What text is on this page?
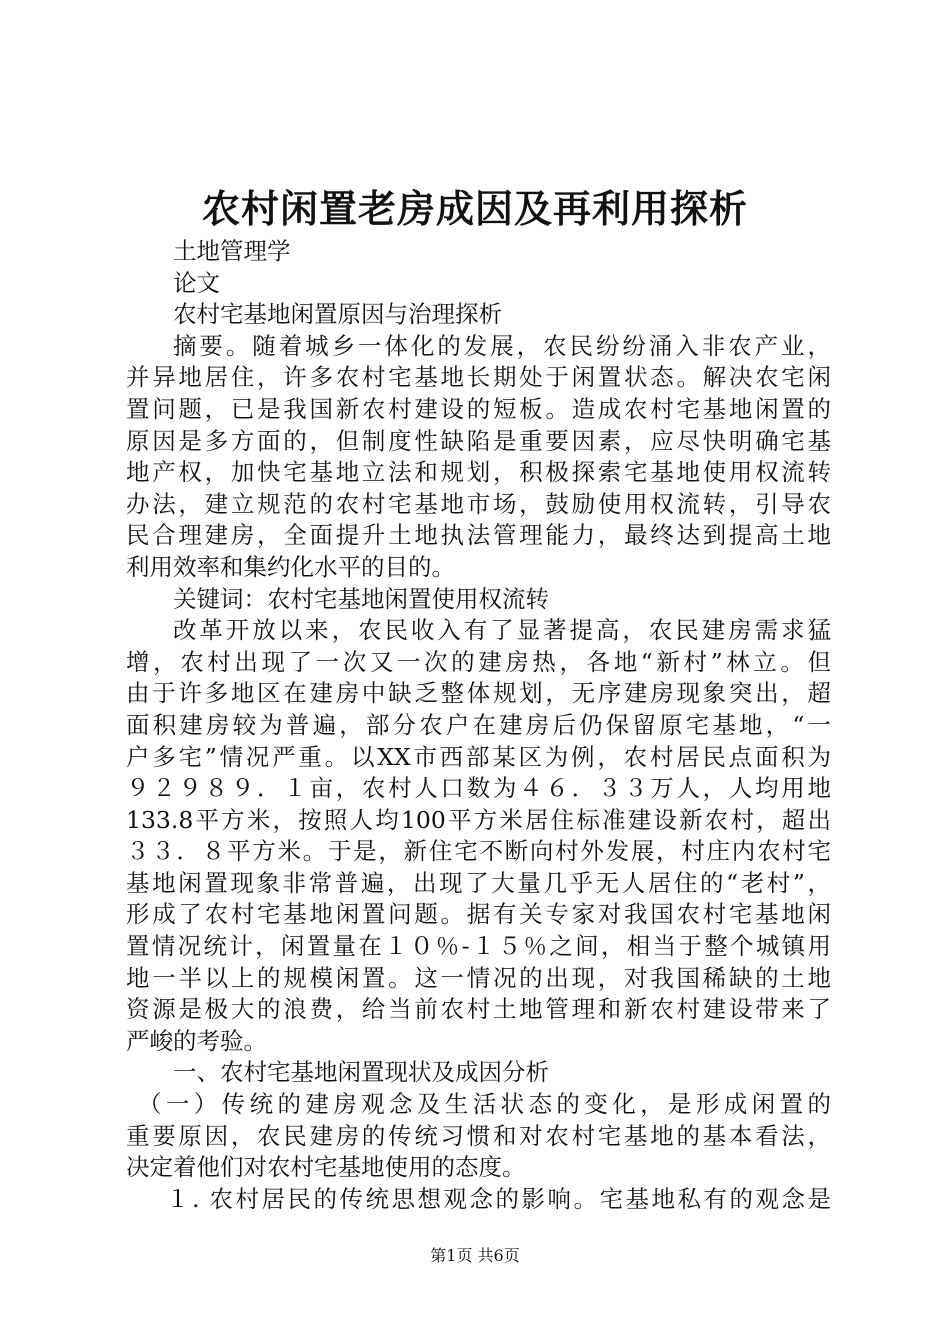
农村闲置老房成因及再利用探析
土地管理学
论文
农村宅基地闲置原因与治理探析
摘要。随着城乡一体化的发展，农民纷纷涌入非农产业，
并异地居住，许多农村宅基地长期处于闲置状态。解决农宅闲
置问题，已是我国新农村建设的短板。造成农村宅基地闲置的
原因是多方面的，但制度性缺陷是重要因素，应尽快明确宅基
地产权，加快宅基地立法和规划，积极探索宅基地使用权流转
办法，建立规范的农村宅基地市场，鼓励使用权流转，引导农
民合理建房，全面提升土地执法管理能力，最终达到提高土地
利用效率和集约化水平的目的。
关键词：农村宅基地闲置使用权流转
改革开放以来，农民收入有了显著提高，农民建房需求猛
增，农村出现了一次又一次的建房热，各地“新村”林立。但
由于许多地区在建房中缺乏整体规划，无序建房现象突出，超
面积建房较为普遍，部分农户在建房后仍保留原宅基地，“一
户多宅”情况严重。以XX市西部某区为例，农村居民点面积为
９２９８９．１亩，农村人口数为４６．３３万人，人均用地
133.8平方米，按照人均100平方米居住标准建设新农村，超出
３３．８平方米。于是，新住宅不断向村外发展，村庄内农村宅
基地闲置现象非常普遍，出现了大量几乎无人居住的“老村”，
形成了农村宅基地闲置问题。据有关专家对我国农村宅基地闲
置情况统计，闲置量在１０％-１５％之间，相当于整个城镇用
地一半以上的规模闲置。这一情况的出现，对我国稀缺的土地
资源是极大的浪费，给当前农村土地管理和新农村建设带来了
严峻的考验。
一、农村宅基地闲置现状及成因分析
（一）传统的建房观念及生活状态的变化，是形成闲置的
重要原因，农民建房的传统习惯和对农村宅基地的基本看法，
决定着他们对农村宅基地使用的态度。
１. 农村居民的传统思想观念的影响。宅基地私有的观念是
第1页 共6页
